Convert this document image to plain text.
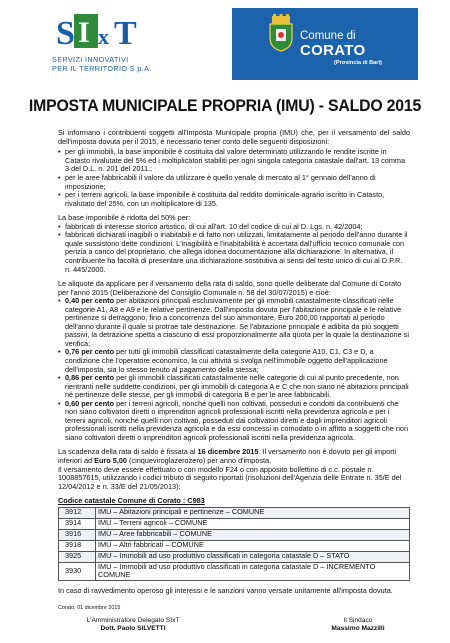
S I x T
SERVIZI INNOVATIVI
PER IL TERRITORIO S.p.A.
Comune di
CORATO
(Provincia di Bari)
IMPOSTA MUNICIPALE PROPRIA (IMU) - SALDO 2015

Si informano i contribuenti soggetti all'Imposta Municipale propria (IMU) che, per il versamento del saldo dell'imposta dovuta per il 2015, è necessario tener conto delle seguenti disposizioni:

• per gli immobili, la base imponibile è costituita dal valore determinato utilizzando le rendite iscritte in Catasto rivalutate del 5% ed i moltiplicatori stabiliti per ogni singola categoria catastale dall'art. 13 comma 3 del D.L. n. 201 del 2011.;
• per le aree fabbricabili il valore da utilizzare è quello venale di mercato al 1° gennaio dell'anno di imposizione;
• per i terreni agricoli, la base imponibile è costituita dal reddito dominicale agrario iscritto in Catasto, rivalutato del 25%, con un moltiplicatore di 135.

La base imponibile è ridotta del 50% per:

• fabbricati di interesse storico artistico, di cui all'art. 10 del codice di cui al D. Lgs. n. 42/2004;
• fabbricati dichiarati inagibili o inabitabili e di fatto non utilizzati, limitatamente al periodo dell'anno durante il quale sussistono dette condizioni. L'inagibilità e l'inabitabilità è accertata dall'ufficio tecnico comunale con perizia a carico del proprietario, che allega idonea documentazione alla dichiarazione. In alternativa, il contribuente ha facoltà di presentare una dichiarazione sostitutiva ai sensi del testo unico di cui al D.P.R. n. 445/2000.

Le aliquote da applicare per il versamento della rata di saldo, sono quelle deliberate dal Comune di Corato per l'anno 2015 (Deliberazione del Consiglio Comunale n. 58 del 30/07/2015) e cioè:

• 0,40 per cento per abitazioni principali esclusivamente per gli immobili catastalmente classificati nelle categorie A1, A8 e A9 e le relative pertinenze. Dall'imposta dovuta per l'abitazione principale e le relative pertinenze si detraggono, fino a concorrenza del suo ammontare, Euro 200,00 rapportati al periodo dell'anno durante il quale si protrae tale destinazione. Se l'abitazione principale è adibita da più soggetti passivi, la detrazione spetta a ciascuno di essi proporzionalmente alla quota per la quale la destinazione si verifica;
• 0,76 per cento per tutti gli immobili classificati catastalmente della categorie A10, C1, C3 e D, a condizione che l'operatore economico, la cui attività si svolga nell'immobile oggetto dell'applicazione dell'imposta, sia lo stesso tenuto al pagamento della stessa;
• 0,86 per cento per gli immobili classificati catastalmente nelle categorie di cui al punto precedente, non rientranti nelle suddette condizioni, per gli immobili di categoria A e C che non siano né abitazioni principali né pertinenze delle stesse, per gli immobili di categoria B e per le aree fabbricabili.
• 0,60 per cento per i terreni agricoli, nonché quelli non coltivati, posseduti e condotti da contribuenti che non siano coltivatori diretti o imprenditori agricoli professionali iscritti nella previdenza agricola e per i terreni agricoli, nonché quelli non coltivati, posseduti dai coltivatori diretti e dagli imprenditori agricoli professionali iscritti nella previdenza agricola e da essi concessi in comodato o in affitto a soggetti che non siano coltivatori diretti o imprenditori agricoli professionali iscritti nella previdenza agricola.

La scadenza della rata di saldo è fissata al 16 dicembre 2015. Il versamento non è dovuto per gli importi inferiori ad Euro 5,00 (cinqueviroglazerozero) per anno d'imposta.

Il versamento deve essere effettuato o con modello F24 o con apposito bollettino di c.c. postale n. 1008857615, utilizzando i codici tributo di seguito riportati (risoluzioni dell'Agenzia delle Entrate n. 35/E del 12/04/2012 e n. 33/E del 21/05/2013):

Codice catastale Comune di Corato : C983
3912	IMU – Abitazioni principali e pertinenze – COMUNE
3914	IMU – Terreni agricoli – COMUNE
3916	IMU – Aree fabbricabili – COMUNE
3918	IMU – Altri fabbricati – COMUNE
3925	IMU – Immobili ad uso produttivo classificati in categoria catastale D – STATO
3930	IMU – Immobili ad uso produttivo classificati in categoria catastale D – INCREMENTO COMUNE

In caso di ravvedimento operoso gli interessi e le sanzioni vanno versate unitamente all'imposta dovuta.

Corato, 01 dicembre 2015
L'Amministratore Delegato SIxT
Dott. Paolo SILVETTI
Il Sindaco
Massimo Mazzilli
